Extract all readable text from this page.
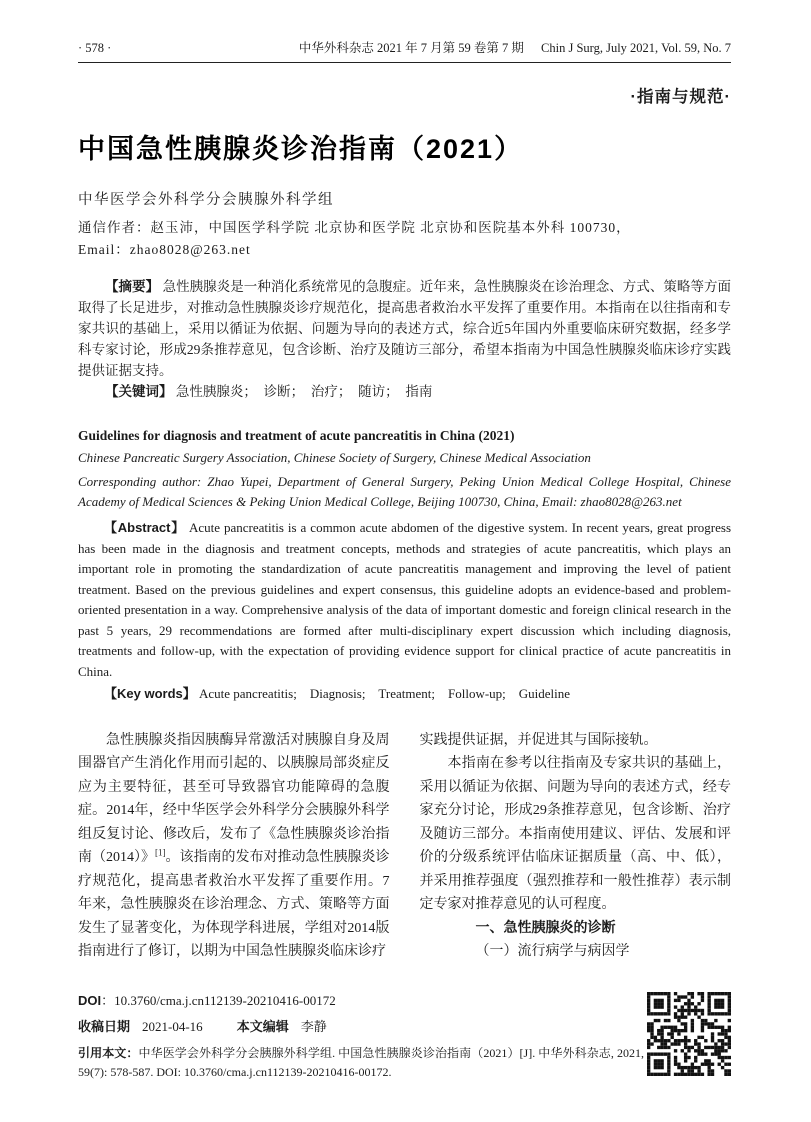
· 578 ·	中华外科杂志 2021 年 7 月第 59 卷第 7 期 Chin J Surg, July 2021, Vol. 59, No. 7
·指南与规范·
中国急性胰腺炎诊治指南（2021）
中华医学会外科学分会胰腺外科学组
通信作者：赵玉沛，中国医学科学院 北京协和医学院 北京协和医院基本外科 100730，
Email：zhao8028@263.net

【摘要】 急性胰腺炎是一种消化系统常见的急腹症。近年来，急性胰腺炎在诊治理念、方式、策略等方面取得了长足进步，对推动急性胰腺炎诊疗规范化，提高患者救治水平发挥了重要作用。本指南在以往指南和专家共识的基础上，采用以循证为依据、问题为导向的表述方式，综合近5年国内外重要临床研究数据，经多学科专家讨论，形成29条推荐意见，包含诊断、治疗及随访三部分，希望本指南为中国急性胰腺炎临床诊疗实践提供证据支持。

【关键词】 急性胰腺炎；　诊断；　治疗；　随访；　指南

Guidelines for diagnosis and treatment of acute pancreatitis in China (2021)

Chinese Pancreatic Surgery Association, Chinese Society of Surgery, Chinese Medical Association

Corresponding author: Zhao Yupei, Department of General Surgery, Peking Union Medical College Hospital, Chinese Academy of Medical Sciences & Peking Union Medical College, Beijing 100730, China, Email: zhao8028@263.net

【Abstract】 Acute pancreatitis is a common acute abdomen of the digestive system. In recent years, great progress has been made in the diagnosis and treatment concepts, methods and strategies of acute pancreatitis, which plays an important role in promoting the standardization of acute pancreatitis management and improving the level of patient treatment. Based on the previous guidelines and expert consensus, this guideline adopts an evidence-based and problem-oriented presentation in a way. Comprehensive analysis of the data of important domestic and foreign clinical research in the past 5 years, 29 recommendations are formed after multi-disciplinary expert discussion which including diagnosis, treatments and follow-up, with the expectation of providing evidence support for clinical practice of acute pancreatitis in China.

【Key words】 Acute pancreatitis;　Diagnosis;　Treatment;　Follow-up;　Guideline

急性胰腺炎指因胰酶异常激活对胰腺自身及周围器官产生消化作用而引起的、以胰腺局部炎症反应为主要特征，甚至可导致器官功能障碍的急腹症。2014年，经中华医学会外科学分会胰腺外科学组反复讨论、修改后，发布了《急性胰腺炎诊治指南（2014）》[1]。该指南的发布对推动急性胰腺炎诊疗规范化，提高患者救治水平发挥了重要作用。7年来，急性胰腺炎在诊治理念、方式、策略等方面发生了显著变化，为体现学科进展，学组对2014版指南进行了修订，以期为中国急性胰腺炎临床诊疗

实践提供证据，并促进其与国际接轨。

本指南在参考以往指南及专家共识的基础上，采用以循证为依据、问题为导向的表述方式，经专家充分讨论，形成29条推荐意见，包含诊断、治疗及随访三部分。本指南使用建议、评估、发展和评价的分级系统评估临床证据质量（高、中、低），并采用推荐强度（强烈推荐和一般性推荐）表示制定专家对推荐意见的认可程度。

一、急性胰腺炎的诊断

（一）流行病学与病因学

DOI：10.3760/cma.j.cn112139-20210416-00172

收稿日期 2021-04-16	本文编辑 李静

引用本文：中华医学会外科学分会胰腺外科学组. 中国急性胰腺炎诊治指南（2021）[J]. 中华外科杂志, 2021, 59(7): 578-587. DOI: 10.3760/cma.j.cn112139-20210416-00172.
